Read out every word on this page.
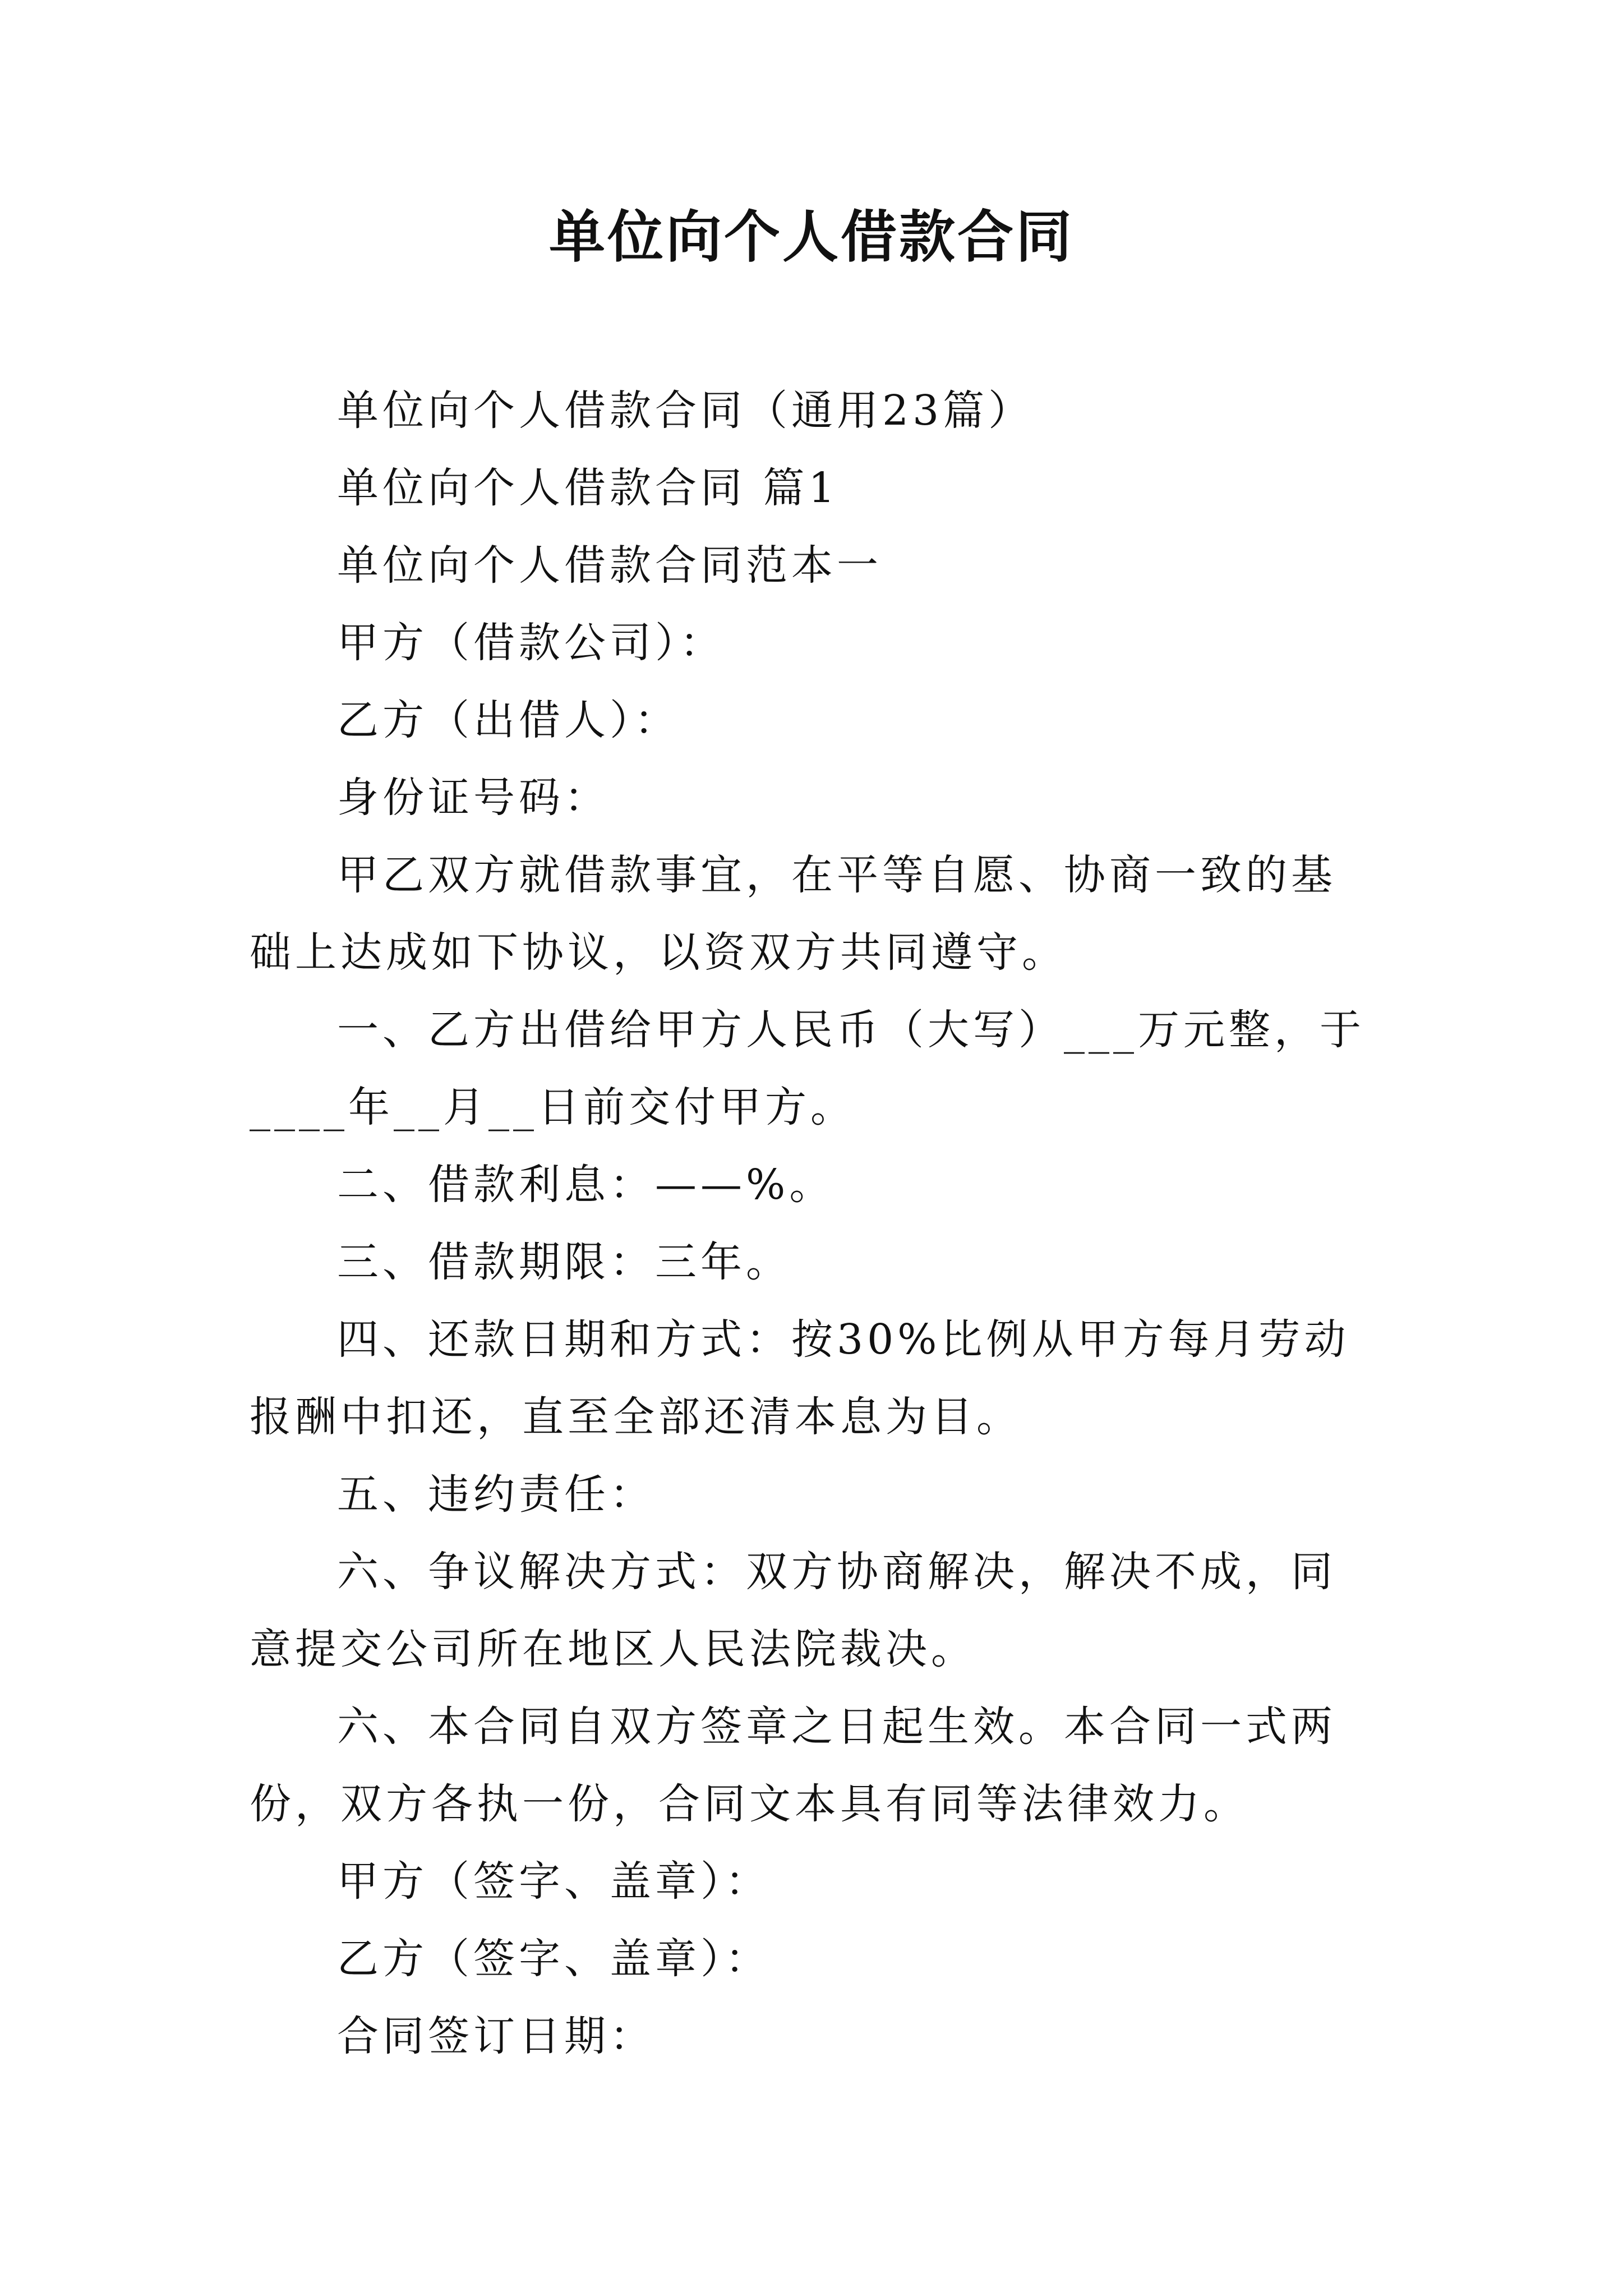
单位向个人借款合同

单位向个人借款合同（通用23篇）

单位向个人借款合同 篇1

单位向个人借款合同范本一

甲方（借款公司）：

乙方（出借人）：

身份证号码：

甲乙双方就借款事宜，在平等自愿、协商一致的基础上达成如下协议，以资双方共同遵守。

一、乙方出借给甲方人民币（大写）___万元整，于____年__月__日前交付甲方。

二、借款利息：——%。

三、借款期限：三年。

四、还款日期和方式：按30%比例从甲方每月劳动报酬中扣还，直至全部还清本息为目。

五、违约责任：

六、争议解决方式：双方协商解决，解决不成，同意提交公司所在地区人民法院裁决。

六、本合同自双方签章之日起生效。本合同一式两份，双方各执一份，合同文本具有同等法律效力。

甲方（签字、盖章）：

乙方（签字、盖章）：

合同签订日期：
